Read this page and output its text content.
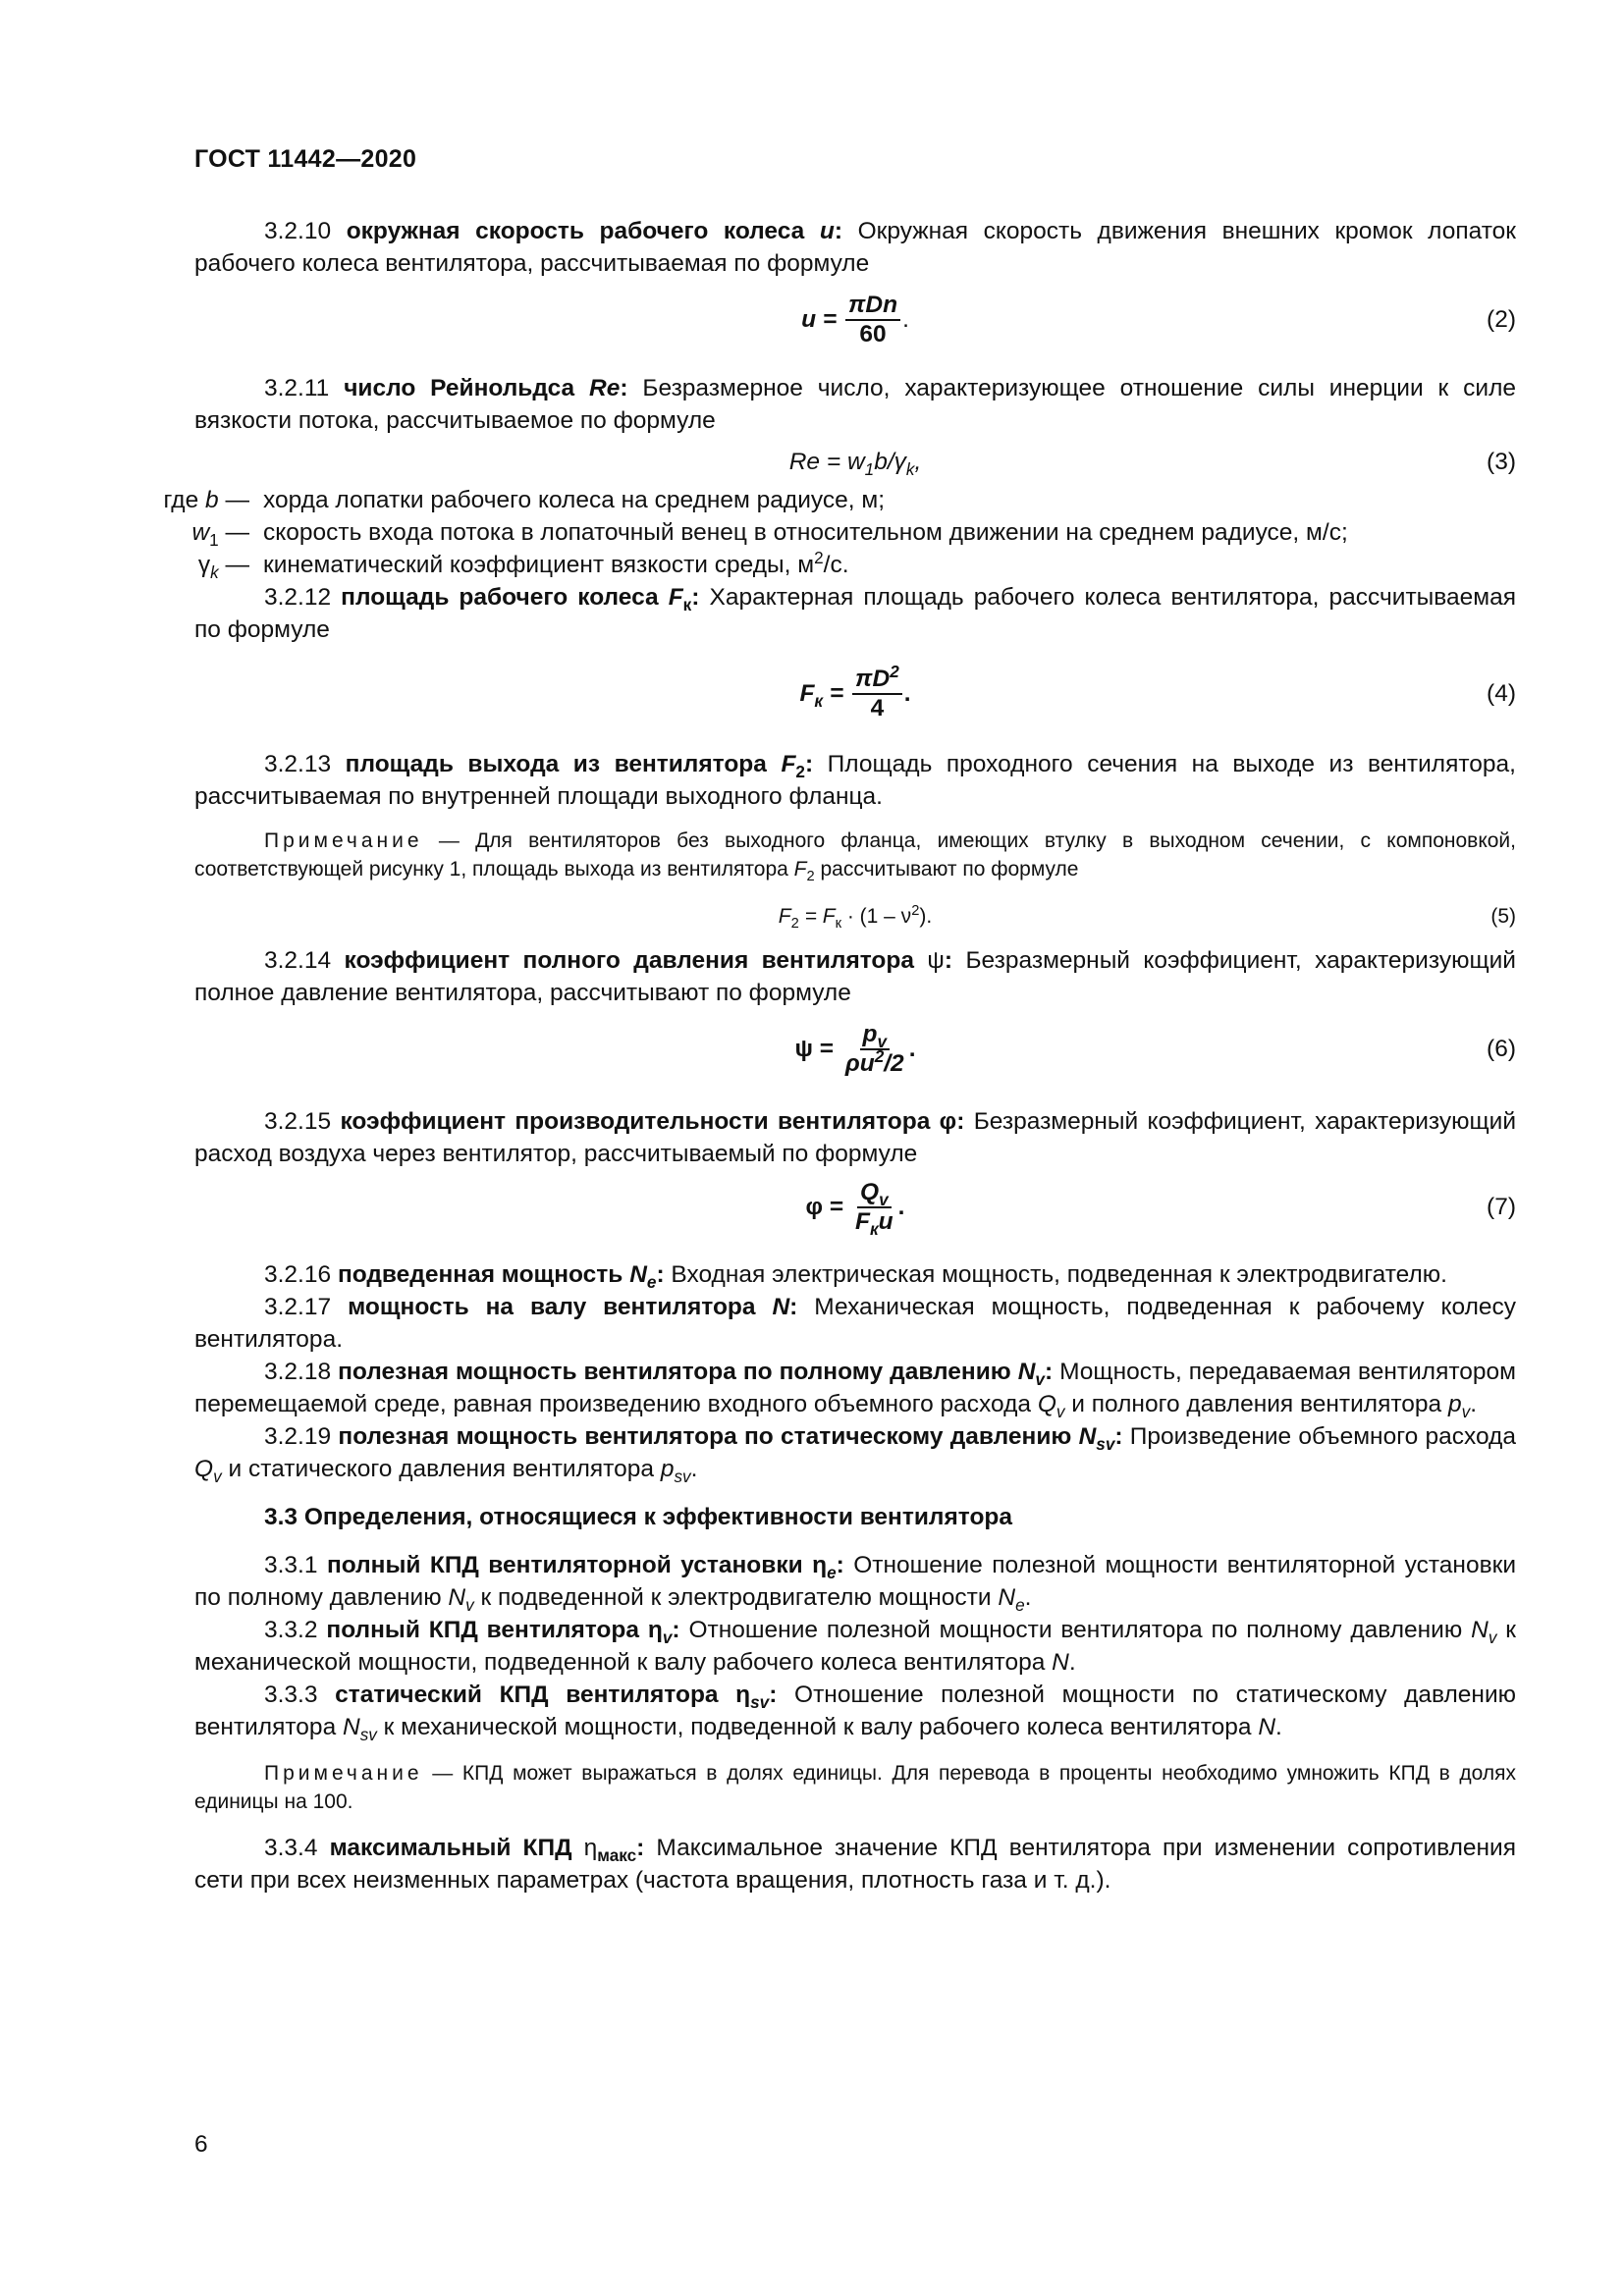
ГОСТ 11442—2020

3.2.10 окружная скорость рабочего колеса u: Окружная скорость движения внешних кромок лопаток рабочего колеса вентилятора, рассчитываемая по формуле

u =
$\frac{\text{πDn}}{60}$ .	(2)

3.2.11 число Рейнольдса Re: Безразмерное число, характеризующее отношение силы инерции к силе вязкости потока, рассчитываемое по формуле

$Re = w_1b/\gamma_k$,	(3)
где b — хорда лопатки рабочего колеса на среднем радиусе, м;
$w_1$ — скорость входа потока в лопаточный венец в относительном движении на среднем радиусе, м/с;
$\gamma_k$ — кинематический коэффициент вязкости среды, $м^2/с$.

3.2.12 площадь рабочего колеса $F_к$: Характерная площадь рабочего колеса вентилятора, рассчитываемая по формуле

$F_к$ =
$\frac{\pi D^2}{4}$ .	(4)

3.2.13 площадь выхода из вентилятора $F_2$: Площадь проходного сечения на выходе из вентилятора, рассчитываемая по внутренней площади выходного фланца.

Примечание — Для вентиляторов без выходного фланца, имеющих втулку в выходном сечении, с компоновкой, соответствующей рисунку 1, площадь выхода из вентилятора $F_2$ рассчитывают по формуле

$F_2 = F_к \cdot (1 - \nu^2)$.	(5)

3.2.14 коэффициент полного давления вентилятора ψ: Безразмерный коэффициент, характеризующий полное давление вентилятора, рассчитывают по формуле

ψ =
$\frac{p_v}{\rho u^2/2}$ .	(6)

3.2.15 коэффициент производительности вентилятора φ: Безразмерный коэффициент, характеризующий расход воздуха через вентилятор, рассчитываемый по формуле

φ =
$\frac{Q_v}{F_кu}$ .	(7)

3.2.16 подведенная мощность $N_e$: Входная электрическая мощность, подведенная к электродвигателю.

3.2.17 мощность на валу вентилятора N: Механическая мощность, подведенная к рабочему колесу вентилятора.

3.2.18 полезная мощность вентилятора по полному давлению $N_v$: Мощность, передаваемая вентилятором перемещаемой среде, равная произведению входного объемного расхода $Q_v$ и полного давления вентилятора $p_v$.

3.2.19 полезная мощность вентилятора по статическому давлению $N_{sv}$: Произведение объемного расхода $Q_v$ и статического давления вентилятора $p_{sv}$.

3.3 Определения, относящиеся к эффективности вентилятора

3.3.1 полный КПД вентиляторной установки $\eta_e$: Отношение полезной мощности вентиляторной установки по полному давлению $N_v$ к подведенной к электродвигателю мощности $N_e$.

3.3.2 полный КПД вентилятора $\eta_v$: Отношение полезной мощности вентилятора по полному давлению $N_v$ к механической мощности, подведенной к валу рабочего колеса вентилятора N.

3.3.3 статический КПД вентилятора $\eta_{sv}$: Отношение полезной мощности по статическому давлению вентилятора $N_{sv}$ к механической мощности, подведенной к валу рабочего колеса вентилятора N.

Примечание — КПД может выражаться в долях единицы. Для перевода в проценты необходимо умножить КПД в долях единицы на 100.

3.3.4 максимальный КПД $\eta_{макс}$: Максимальное значение КПД вентилятора при изменении сопротивления сети при всех неизменных параметрах (частота вращения, плотность газа и т. д.).

6
